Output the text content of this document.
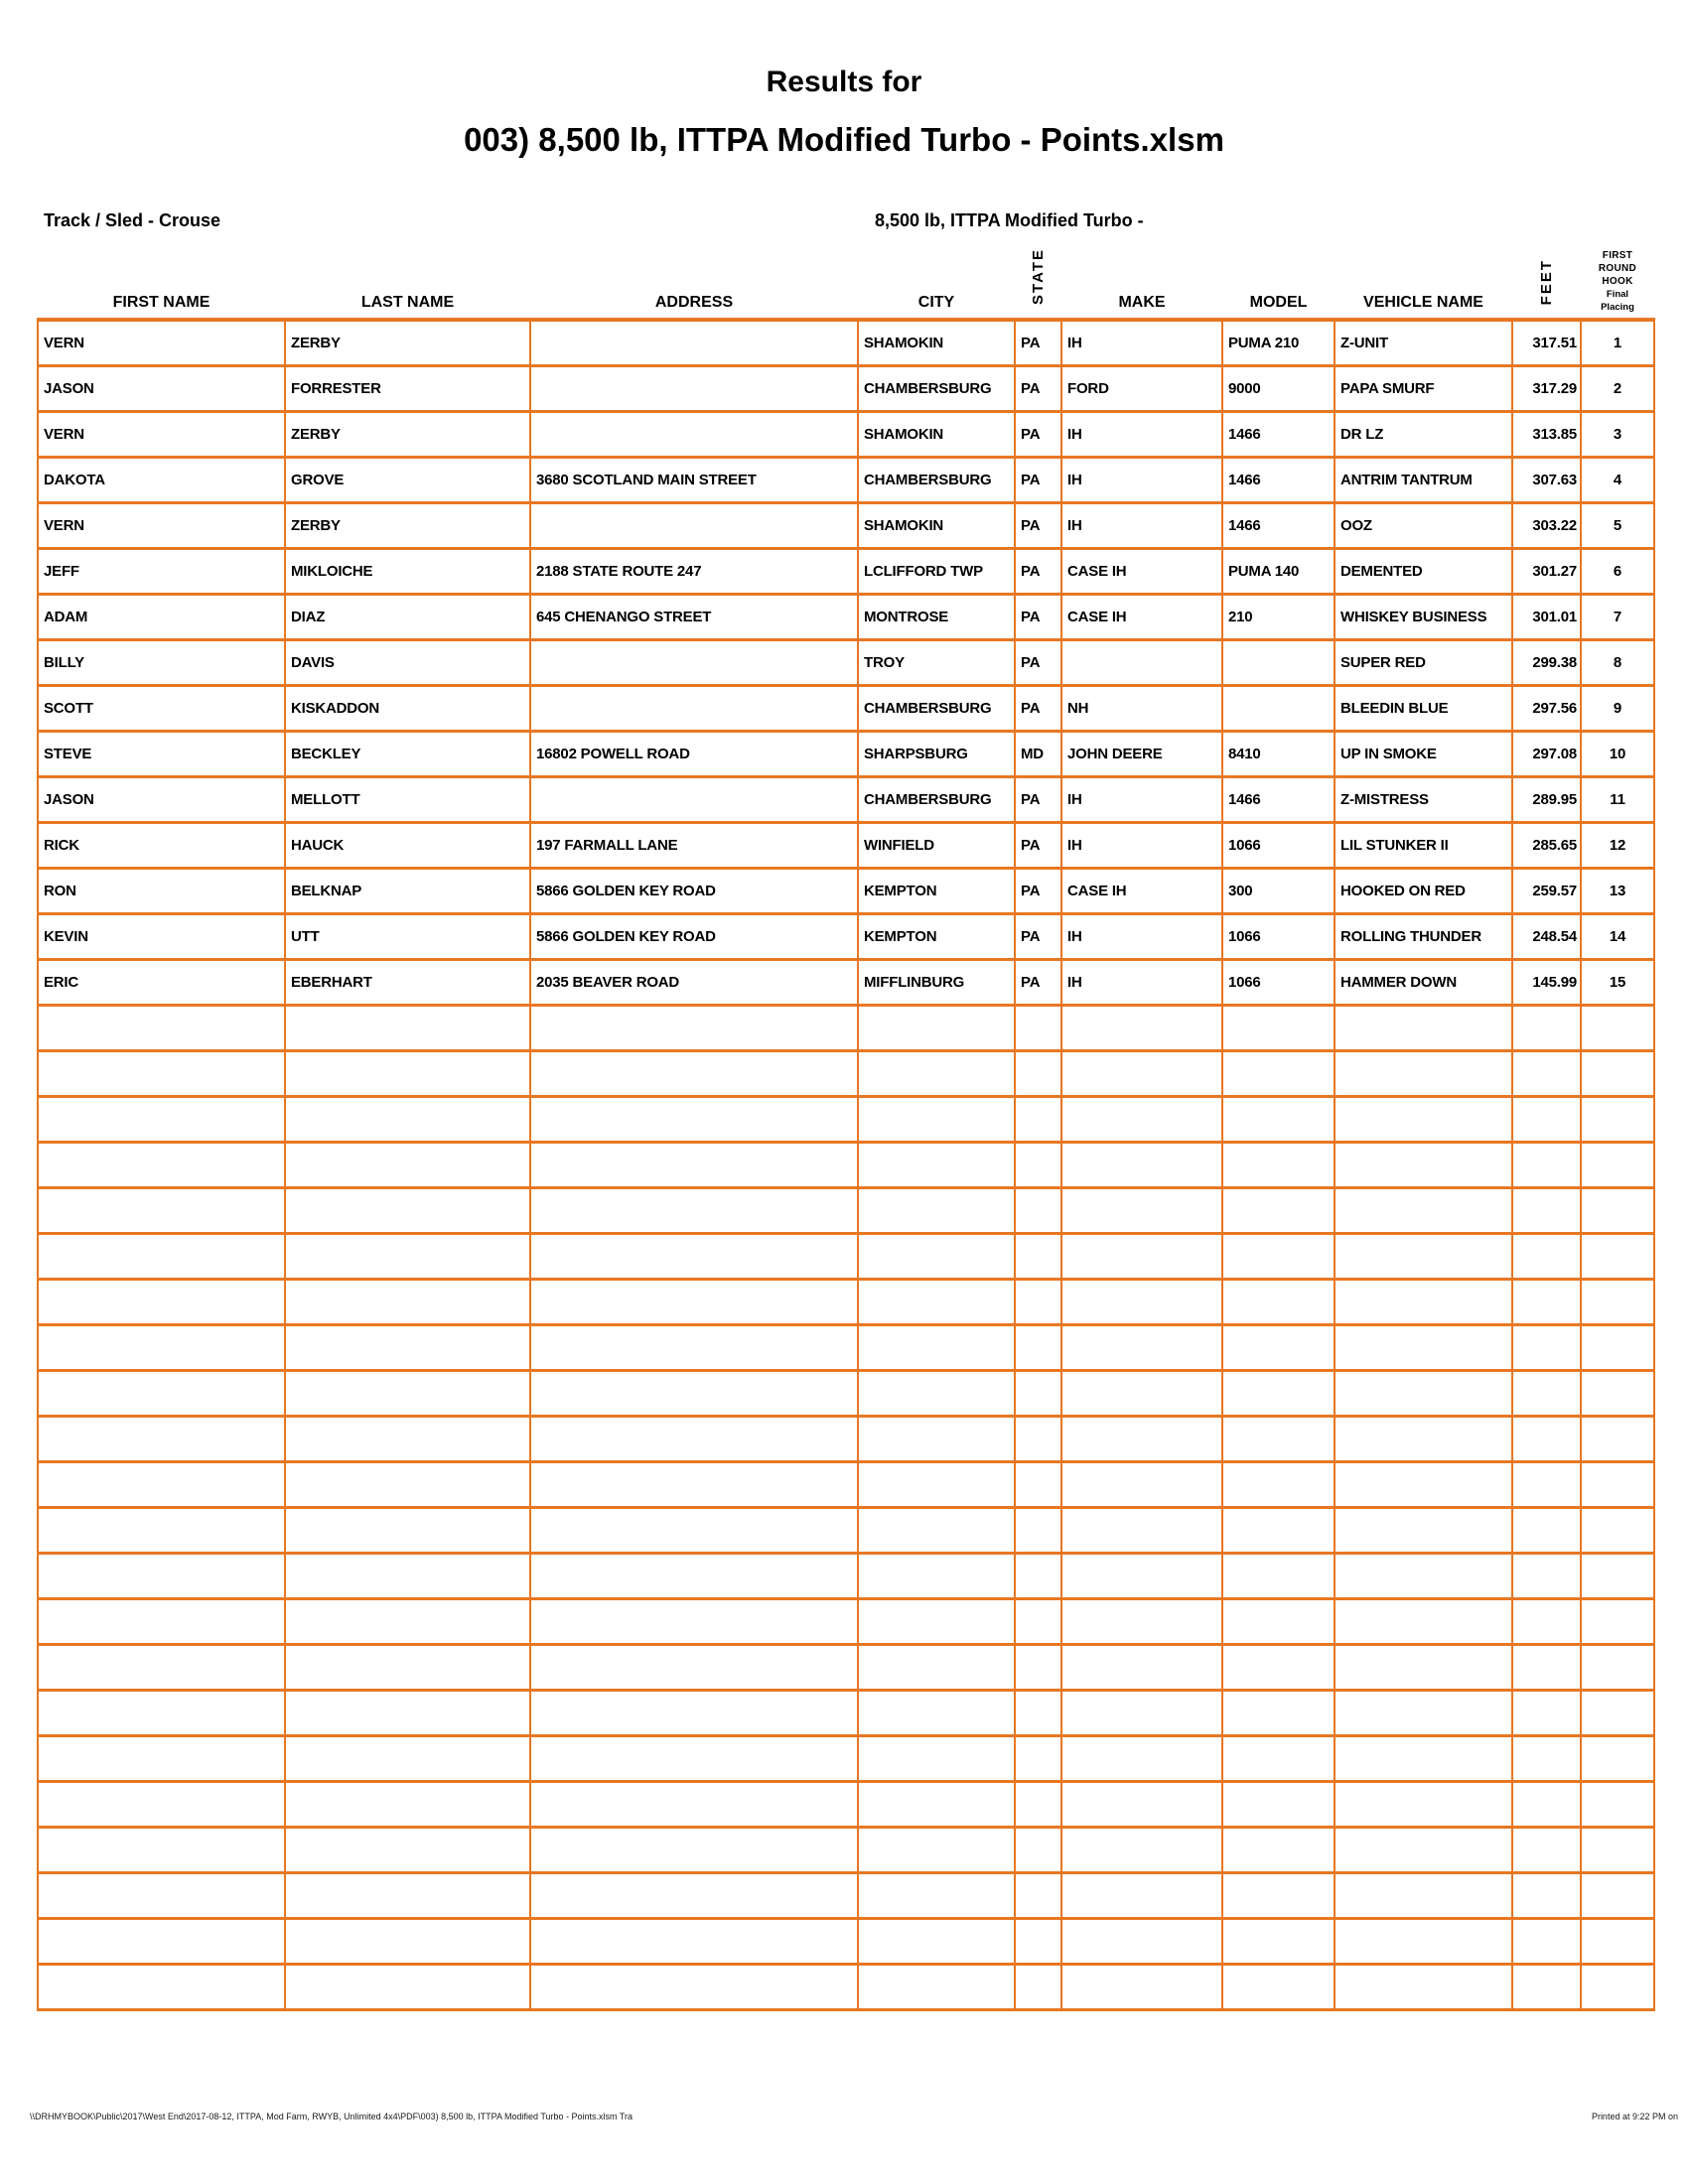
Results for
003) 8,500 lb, ITTPA Modified Turbo - Points.xlsm
Track / Sled - Crouse	8,500 lb, ITTPA Modified Turbo -
FIRST NAME	LAST NAME	ADDRESS	CITY	STATE	MAKE	MODEL	VEHICLE NAME	FEET	FIRST
ROUND
HOOK
Final
Placing

VERN	ZERBY		SHAMOKIN	PA	IH	PUMA 210	Z-UNIT	317.51	1
JASON	FORRESTER		CHAMBERSBURG	PA	FORD	9000	PAPA SMURF	317.29	2
VERN	ZERBY		SHAMOKIN	PA	IH	1466	DR LZ	313.85	3
DAKOTA	GROVE	3680 SCOTLAND MAIN STREET	CHAMBERSBURG	PA	IH	1466	ANTRIM TANTRUM	307.63	4
VERN	ZERBY		SHAMOKIN	PA	IH	1466	OOZ	303.22	5
JEFF	MIKLOICHE	2188 STATE ROUTE 247	LCLIFFORD TWP	PA	CASE IH	PUMA 140	DEMENTED	301.27	6
ADAM	DIAZ	645 CHENANGO STREET	MONTROSE	PA	CASE IH	210	WHISKEY BUSINESS	301.01	7
BILLY	DAVIS		TROY	PA			SUPER RED	299.38	8
SCOTT	KISKADDON		CHAMBERSBURG	PA	NH		BLEEDIN BLUE	297.56	9
STEVE	BECKLEY	16802 POWELL ROAD	SHARPSBURG	MD	JOHN DEERE	8410	UP IN SMOKE	297.08	10
JASON	MELLOTT		CHAMBERSBURG	PA	IH	1466	Z-MISTRESS	289.95	11
RICK	HAUCK	197 FARMALL LANE	WINFIELD	PA	IH	1066	LIL STUNKER II	285.65	12
RON	BELKNAP	5866 GOLDEN KEY ROAD	KEMPTON	PA	CASE IH	300	HOOKED ON RED	259.57	13
KEVIN	UTT	5866 GOLDEN KEY ROAD	KEMPTON	PA	IH	1066	ROLLING THUNDER	248.54	14
ERIC	EBERHART	2035 BEAVER ROAD	MIFFLINBURG	PA	IH	1066	HAMMER DOWN	145.99	15

\\DRHMYBOOK\Public\2017\West End\2017-08-12, ITTPA, Mod Farm, RWYB, Unlimited 4x4\PDF\003) 8,500 lb, ITTPA Modified Turbo - Points.xlsm Tra	Printed at 9:22 PM on
